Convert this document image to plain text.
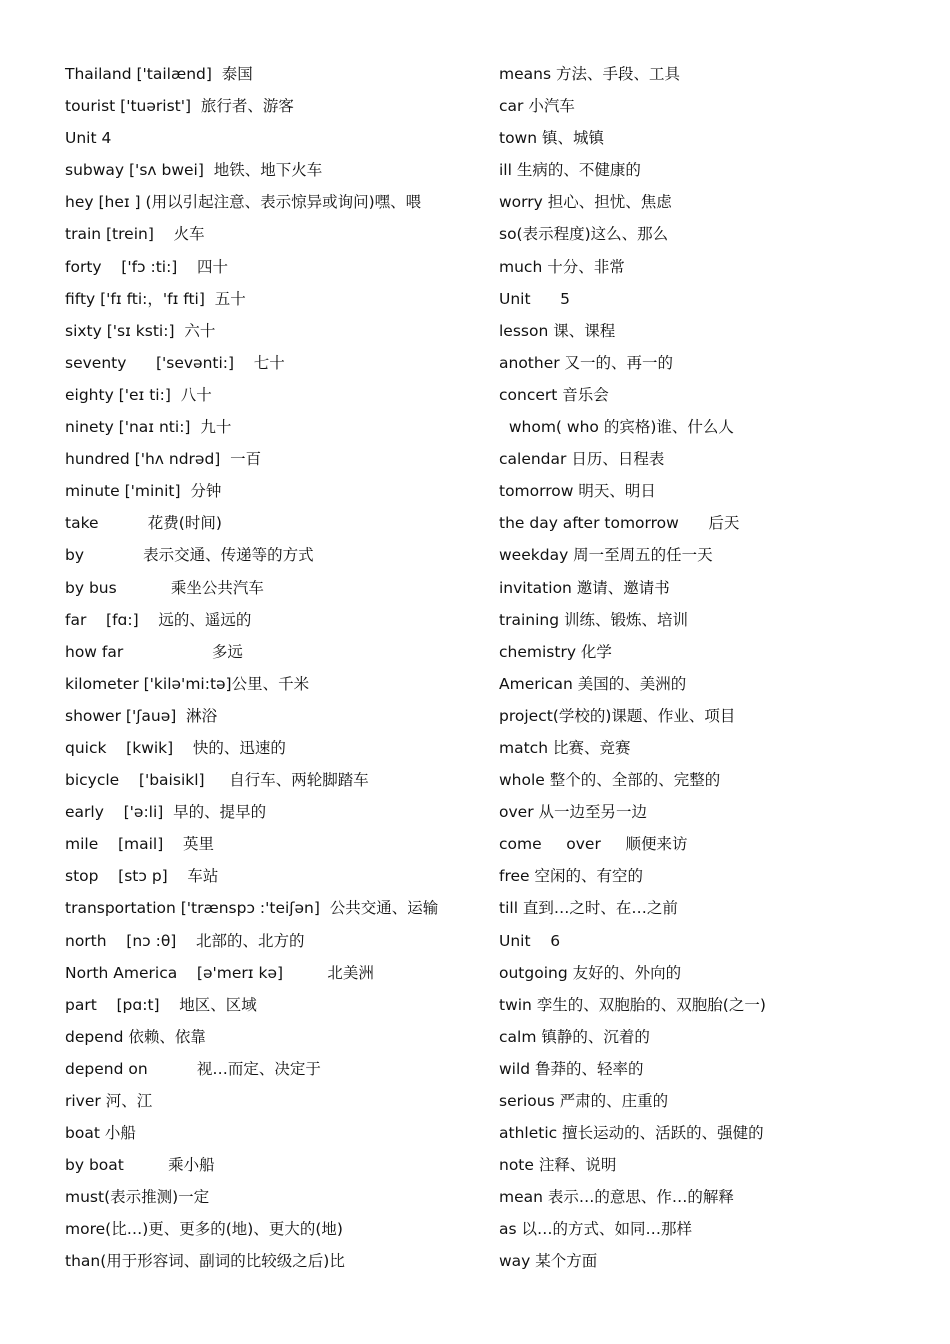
Thailand ['tailænd]  泰国
tourist ['tuərist']  旅行者、游客
Unit 4
subway ['sʌ bwei]  地铁、地下火车
hey [heɪ ] (用以引起注意、表示惊异或询问)嘿、喂
train [trein]    火车
forty    ['fɔ :ti:]    四十
fifty ['fɪ fti:，'fɪ fti]  五十
sixty ['sɪ ksti:]  六十
seventy      ['sevənti:]    七十
eighty ['eɪ ti:]  八十
ninety ['naɪ nti:]  九十
hundred ['hʌ ndrəd]  一百
minute ['minit]  分钟
take          花费(时间)
by            表示交通、传递等的方式
by bus           乘坐公共汽车
far    [fɑ:]    远的、遥远的
how far                  多远
kilometer ['kilə'mi:tə]公里、千米
shower ['ʃauə]  淋浴
quick    [kwik]    快的、迅速的
bicycle    ['baisikl]     自行车、两轮脚踏车
early    ['ə:li]  早的、提早的
mile    [mail]    英里
stop    [stɔ p]    车站
transportation ['trænspɔ :'teiʃən]  公共交通、运输
north    [nɔ :θ]    北部的、北方的
North America    [ə'merɪ kə]         北美洲
part    [pɑ:t]    地区、区域
depend 依赖、依靠
depend on          视…而定、决定于
river 河、江
boat 小船
by boat         乘小船
must(表示推测)一定
more(比…)更、更多的(地)、更大的(地)
than(用于形容词、副词的比较级之后)比
means 方法、手段、工具
car 小汽车
town 镇、城镇
ill 生病的、不健康的
worry 担心、担忧、焦虑
so(表示程度)这么、那么
much 十分、非常
Unit      5
lesson 课、课程
another 又一的、再一的
concert 音乐会
whom( who 的宾格)谁、什么人
calendar 日历、日程表
tomorrow 明天、明日
the day after tomorrow      后天
weekday 周一至周五的任一天
invitation 邀请、邀请书
training 训练、锻炼、培训
chemistry 化学
American 美国的、美洲的
project(学校的)课题、作业、项目
match 比赛、竞赛
whole 整个的、全部的、完整的
over 从一边至另一边
come     over     顺便来访
free 空闲的、有空的
till 直到…之时、在…之前
Unit    6
outgoing 友好的、外向的
twin 孪生的、双胞胎的、双胞胎(之一)
calm 镇静的、沉着的
wild 鲁莽的、轻率的
serious 严肃的、庄重的
athletic 擅长运动的、活跃的、强健的
note 注释、说明
mean 表示…的意思、作…的解释
as 以…的方式、如同…那样
way 某个方面
